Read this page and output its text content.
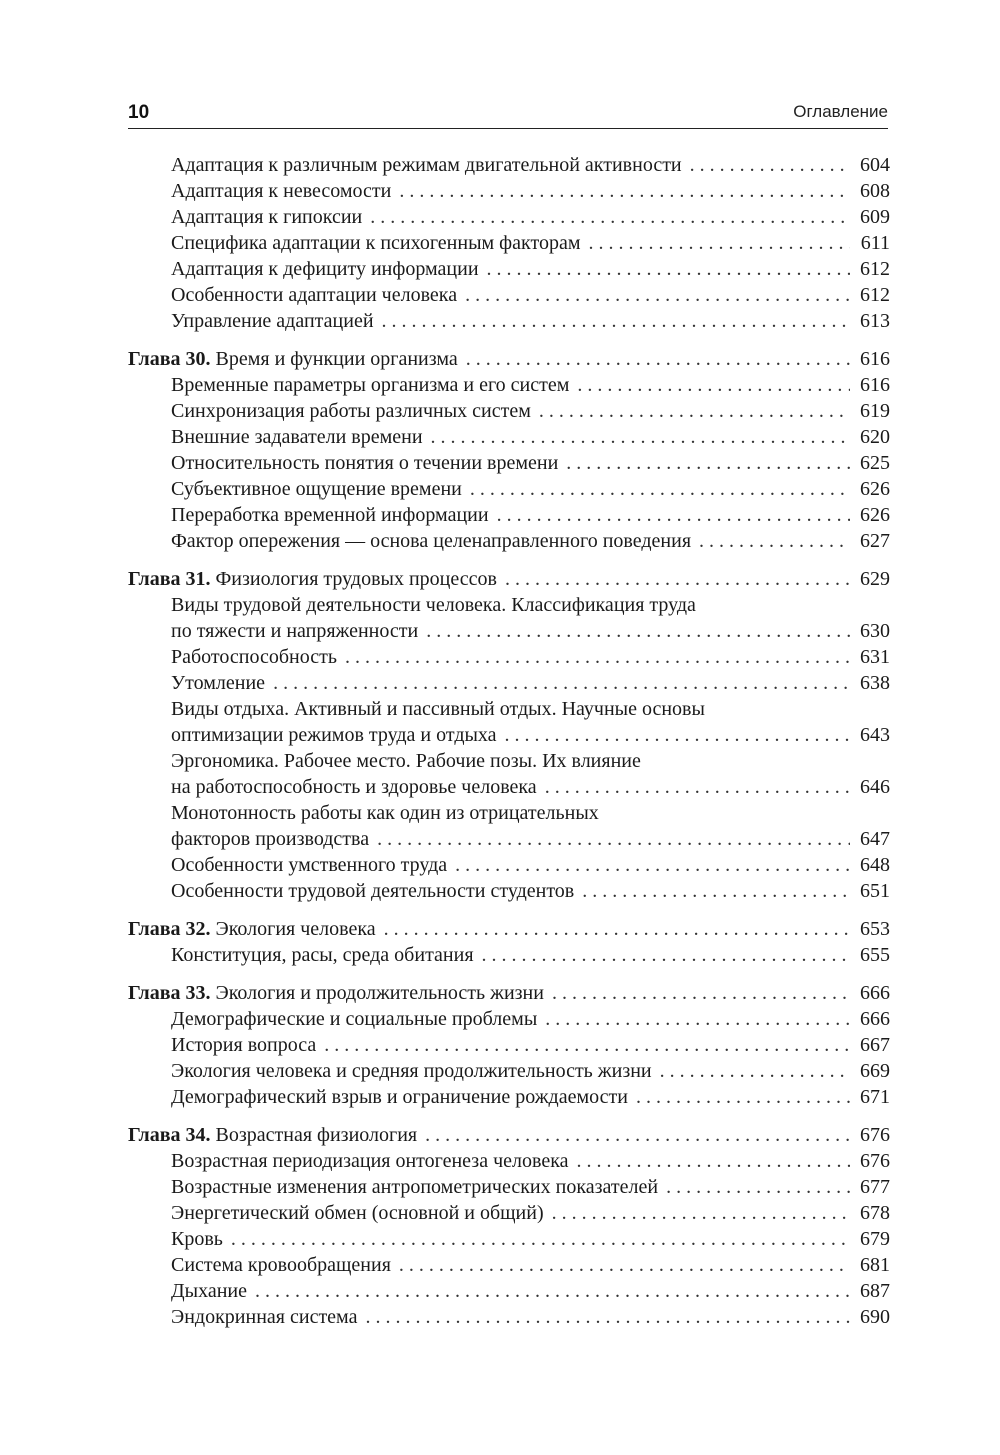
10	Оглавление
Адаптация к различным режимам двигательной активности . . .	604
Адаптация к невесомости . . .	608
Адаптация к гипоксии . . .	609
Специфика адаптации к психогенным факторам . . .	611
Адаптация к дефициту информации . . .	612
Особенности адаптации человека . . .	612
Управление адаптацией . . .	613
Глава 30. Время и функции организма . . .	616
Временные параметры организма и его систем . . .	616
Синхронизация работы различных систем . . .	619
Внешние задаватели времени . . .	620
Относительность понятия о течении времени . . .	625
Субъективное ощущение времени . . .	626
Переработка временной информации . . .	626
Фактор опережения — основа целенаправленного поведения . . .	627
Глава 31. Физиология трудовых процессов . . .	629
Виды трудовой деятельности человека. Классификация труда
по тяжести и напряженности . . .	630
Работоспособность . . .	631
Утомление . . .	638
Виды отдыха. Активный и пассивный отдых. Научные основы
оптимизации режимов труда и отдыха . . .	643
Эргономика. Рабочее место. Рабочие позы. Их влияние
на работоспособность и здоровье человека . . .	646
Монотонность работы как один из отрицательных
факторов производства . . .	647
Особенности умственного труда . . .	648
Особенности трудовой деятельности студентов . . .	651
Глава 32. Экология человека . . .	653
Конституция, расы, среда обитания . . .	655
Глава 33. Экология и продолжительность жизни . . .	666
Демографические и социальные проблемы . . .	666
История вопроса . . .	667
Экология человека и средняя продолжительность жизни . . .	669
Демографический взрыв и ограничение рождаемости . . .	671
Глава 34. Возрастная физиология . . .	676
Возрастная периодизация онтогенеза человека . . .	676
Возрастные изменения антропометрических показателей . . .	677
Энергетический обмен (основной и общий) . . .	678
Кровь . . .	679
Система кровообращения . . .	681
Дыхание . . .	687
Эндокринная система . . .	690
